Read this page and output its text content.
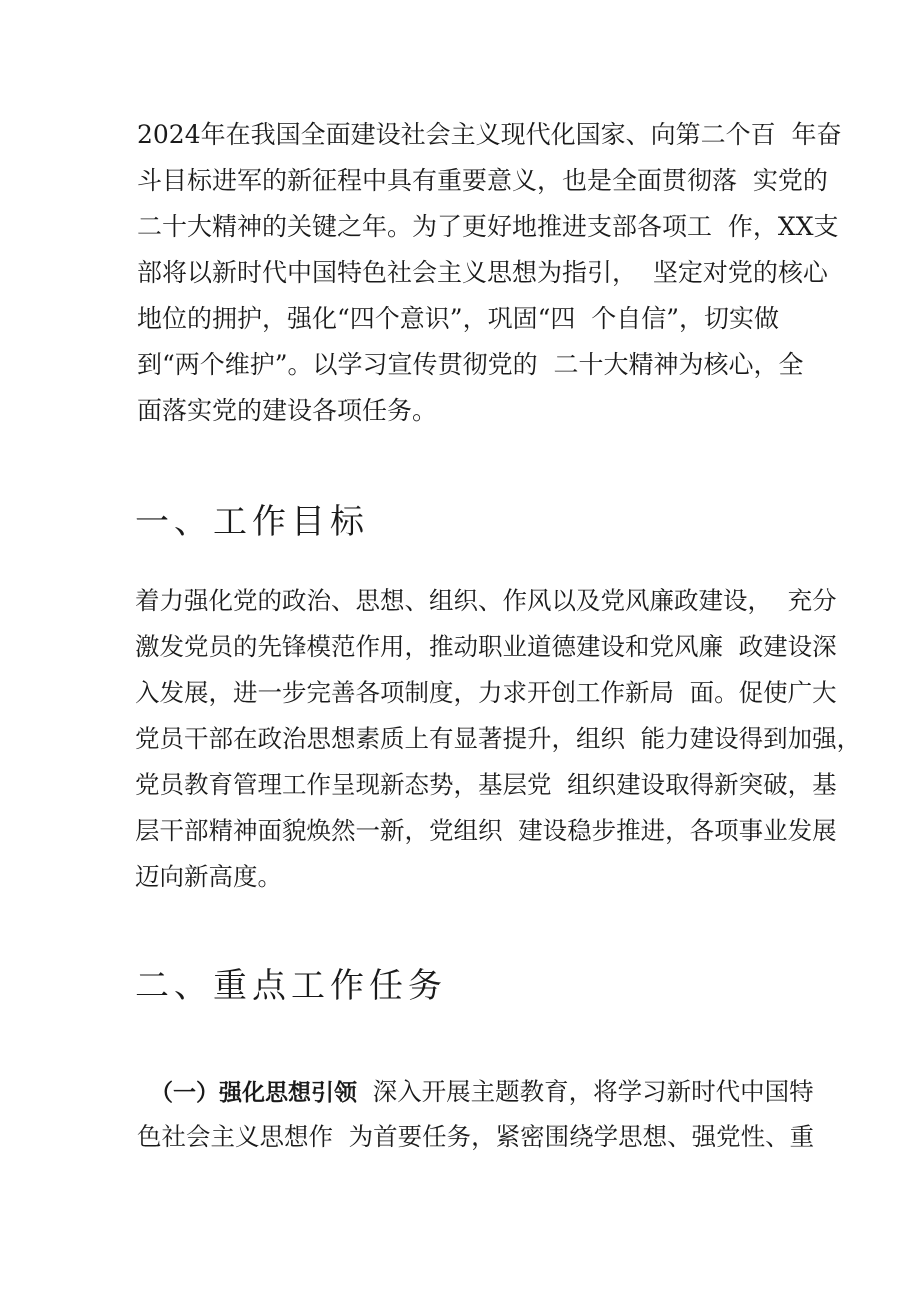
2024年在我国全面建设社会主义现代化国家、向第二个百  年奋
斗目标进军的新征程中具有重要意义，也是全面贯彻落  实党的
二十大精神的关键之年。为了更好地推进支部各项工  作，XX支
部将以新时代中国特色社会主义思想为指引，  坚定对党的核心
地位的拥护，强化“四个意识”，巩固“四  个自信”，切实做
到“两个维护”。以学习宣传贯彻党的  二十大精神为核心，全
面落实党的建设各项任务。
一、工作目标
着力强化党的政治、思想、组织、作风以及党风廉政建设，  充分
激发党员的先锋模范作用，推动职业道德建设和党风廉  政建设深
入发展，进一步完善各项制度，力求开创工作新局  面。促使广大
党员干部在政治思想素质上有显著提升，组织  能力建设得到加强，
党员教育管理工作呈现新态势，基层党  组织建设取得新突破，基
层干部精神面貌焕然一新，党组织  建设稳步推进，各项事业发展
迈向新高度。
二、重点工作任务
（一）强化思想引领  深入开展主题教育，将学习新时代中国特
色社会主义思想作  为首要任务，紧密围绕学思想、强党性、重
